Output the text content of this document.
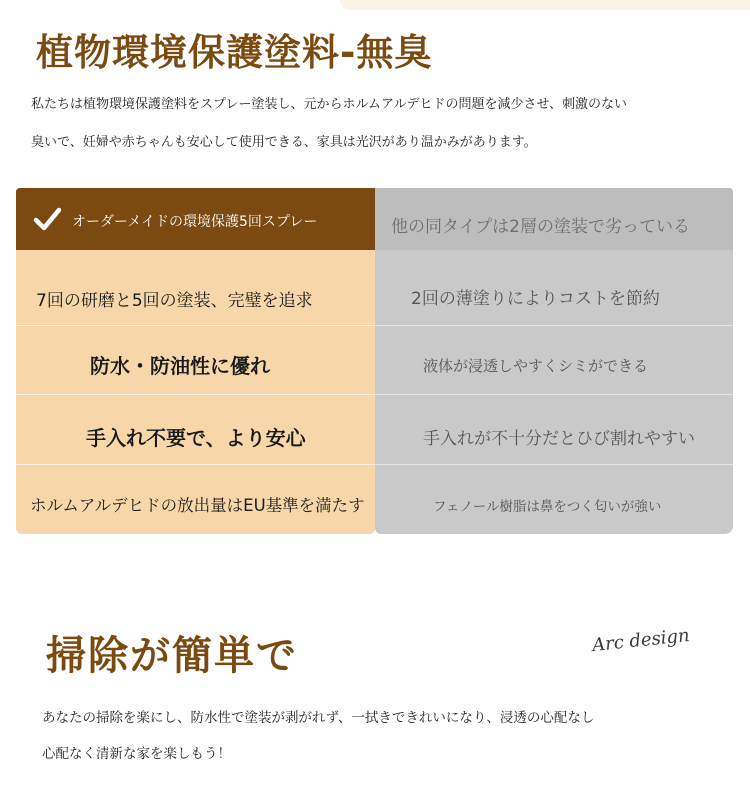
植物環境保護塗料-無臭

私たちは植物環境保護塗料をスプレー塗装し、元からホルムアルデヒドの問題を減少させ、刺激のない

臭いで、妊婦や赤ちゃんも安心して使用できる、家具は光沢があり温かみがあります。

オーダーメイドの環境保護5回スプレー
7回の研磨と5回の塗装、完璧を追求
防水・防油性に優れ
手入れ不要で、より安心
ホルムアルデヒドの放出量はEU基準を満たす
他の同タイプは2層の塗装で劣っている
2回の薄塗りによりコストを節約
液体が浸透しやすくシミができる
手入れが不十分だとひび割れやすい
フェノール樹脂は鼻をつく匂いが強い
掃除が簡単で	Arc design

あなたの掃除を楽にし、防水性で塗装が剥がれず、一拭きできれいになり、浸透の心配なし

心配なく清新な家を楽しもう！
